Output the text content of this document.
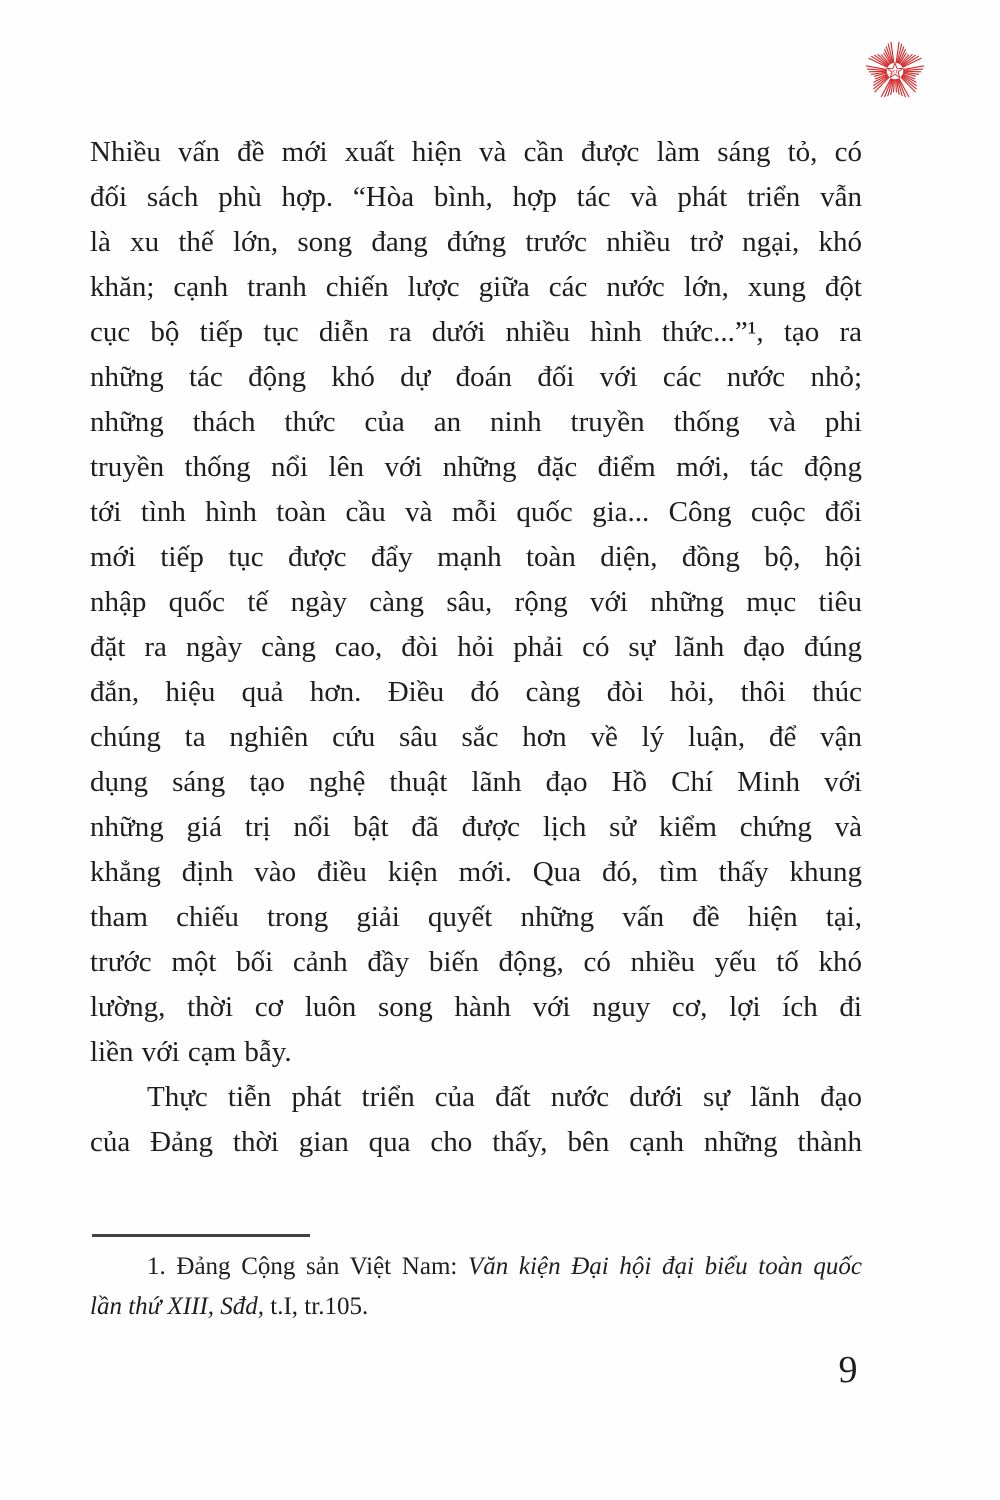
ST
Nhiều vấn đề mới xuất hiện và cần được làm sáng tỏ, có
đối sách phù hợp. “Hòa bình, hợp tác và phát triển vẫn
là xu thế lớn, song đang đứng trước nhiều trở ngại, khó
khăn; cạnh tranh chiến lược giữa các nước lớn, xung đột
cục bộ tiếp tục diễn ra dưới nhiều hình thức...”¹, tạo ra
những tác động khó dự đoán đối với các nước nhỏ;
những thách thức của an ninh truyền thống và phi
truyền thống nổi lên với những đặc điểm mới, tác động
tới tình hình toàn cầu và mỗi quốc gia... Công cuộc đổi
mới tiếp tục được đẩy mạnh toàn diện, đồng bộ, hội
nhập quốc tế ngày càng sâu, rộng với những mục tiêu
đặt ra ngày càng cao, đòi hỏi phải có sự lãnh đạo đúng
đắn, hiệu quả hơn. Điều đó càng đòi hỏi, thôi thúc
chúng ta nghiên cứu sâu sắc hơn về lý luận, để vận
dụng sáng tạo nghệ thuật lãnh đạo Hồ Chí Minh với
những giá trị nổi bật đã được lịch sử kiểm chứng và
khẳng định vào điều kiện mới. Qua đó, tìm thấy khung
tham chiếu trong giải quyết những vấn đề hiện tại,
trước một bối cảnh đầy biến động, có nhiều yếu tố khó
lường, thời cơ luôn song hành với nguy cơ, lợi ích đi
liền với cạm bẫy.
Thực tiễn phát triển của đất nước dưới sự lãnh đạo
của Đảng thời gian qua cho thấy, bên cạnh những thành

1. Đảng Cộng sản Việt Nam: Văn kiện Đại hội đại biểu toàn quốc
lần thứ XIII, Sđd, t.I, tr.105.

9
